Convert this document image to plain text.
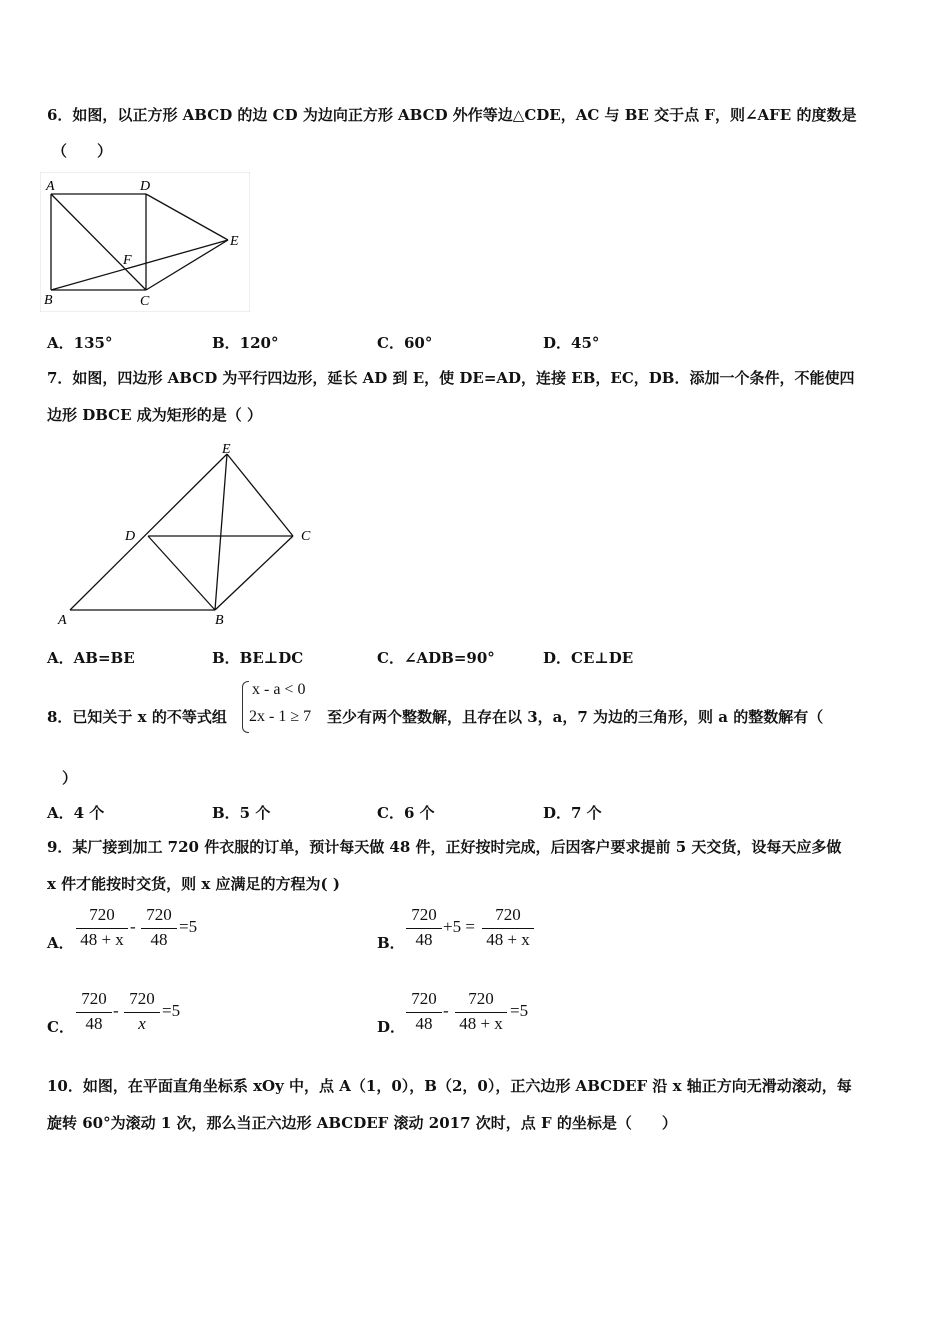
6．如图，以正方形 ABCD 的边 CD 为边向正方形 ABCD 外作等边△CDE，AC 与 BE 交于点 F，则∠AFE 的度数是
（　　）
A	D
E
F
B	C
A．135°	B．120°	C．60°	D．45°
7．如图，四边形 ABCD 为平行四边形，延长 AD 到 E，使 DE=AD，连接 EB，EC，DB．添加一个条件，不能使四
边形 DBCE 成为矩形的是（ ）
E
D	C
A	B
A．AB=BE	B．BE⊥DC	C．∠ADB=90°	D．CE⊥DE
8．已知关于 x 的不等式组
x - a < 0
2x - 1 ≥ 7 至少有两个整数解，且存在以 3，a，7 为边的三角形，则 a 的整数解有（
）
A．4 个	B．5 个	C．6 个	D．7 个
9．某厂接到加工 720 件衣服的订单，预计每天做 48 件，正好按时完成，后因客户要求提前 5 天交货，设每天应多做
x 件才能按时交货，则 x 应满足的方程为( )
A．
720
48 + x
-
720
48
=5
B．
720
48
+5 =
720
48 + x
C．
720
48
-
720
x
=5
D．
720
48
-
720
48 + x
=5
10．如图，在平面直角坐标系 xOy 中，点 A（1，0），B（2，0），正六边形 ABCDEF 沿 x 轴正方向无滑动滚动，每
旋转 60°为滚动 1 次，那么当正六边形 ABCDEF 滚动 2017 次时，点 F 的坐标是（　　）
